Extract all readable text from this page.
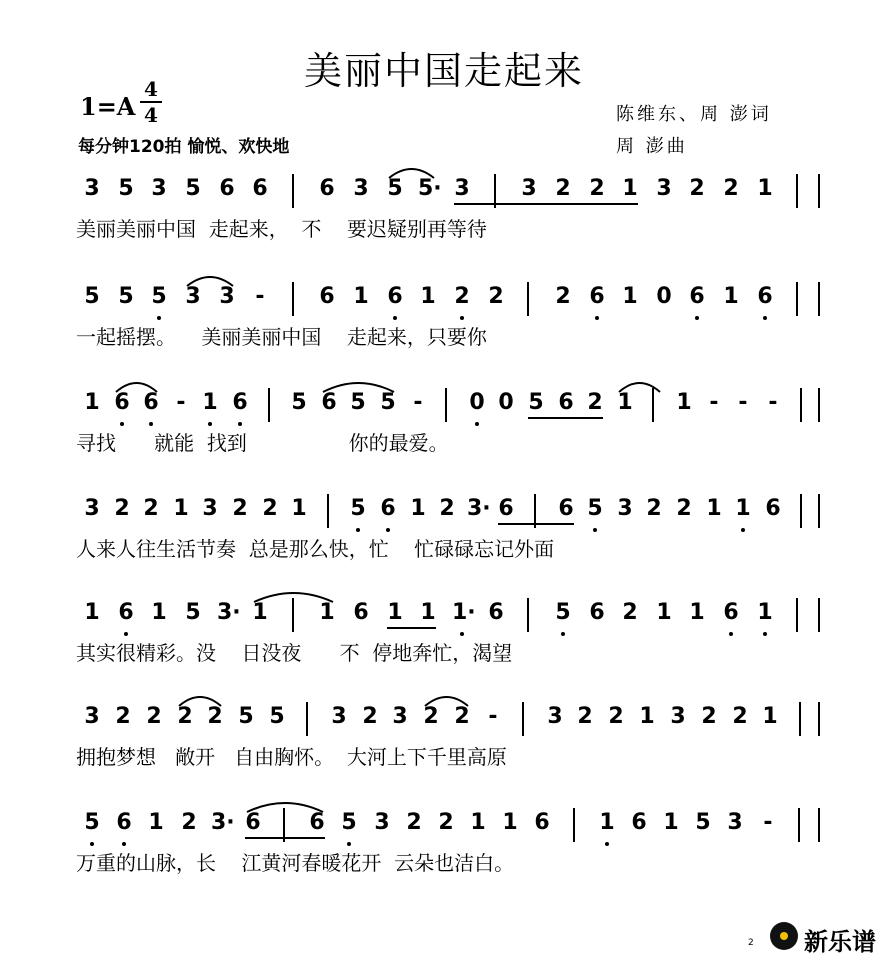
美丽中国走起来
1=A
4
4
每分钟120拍 愉悦、欢快地
陈维东、周 澎词
周 澎曲
3 5 3 5 6 6 6 3 5 5· 3 3 2 2 1 3 2 2 1
美丽美丽中国  走起来，  不    要迟疑别再等待
5 5 5 3 3 - 6 1 6 1 2 2 2 6 1 0 6 1 6
一起摇摆。    美丽美丽中国    走起来，只要你
1 6 6 - 1 6 5 6 5 5 - 0 0 5 6 2 1 1 - - -
寻找      就能  找到                你的最爱。
3 2 2 1 3 2 2 1 5 6 1 2 3· 6 6 5 3 2 2 1 1 6
人来人往生活节奏  总是那么快，忙    忙碌碌忘记外面
1 6 1 5 3· 1 1 6 1 1 1· 6 5 6 2 1 1 6 1
其实很精彩。没    日没夜      不  停地奔忙，渴望
3 2 2 2 2 5 5 3 2 3 2 2 - 3 2 2 1 3 2 2 1
拥抱梦想   敞开   自由胸怀。  大河上下千里高原
5 6 1 2 3· 6 6 5 3 2 2 1 1 6 1 6 1 5 3 -
万重的山脉，长    江黄河春暖花开  云朵也洁白。
新乐谱
2
